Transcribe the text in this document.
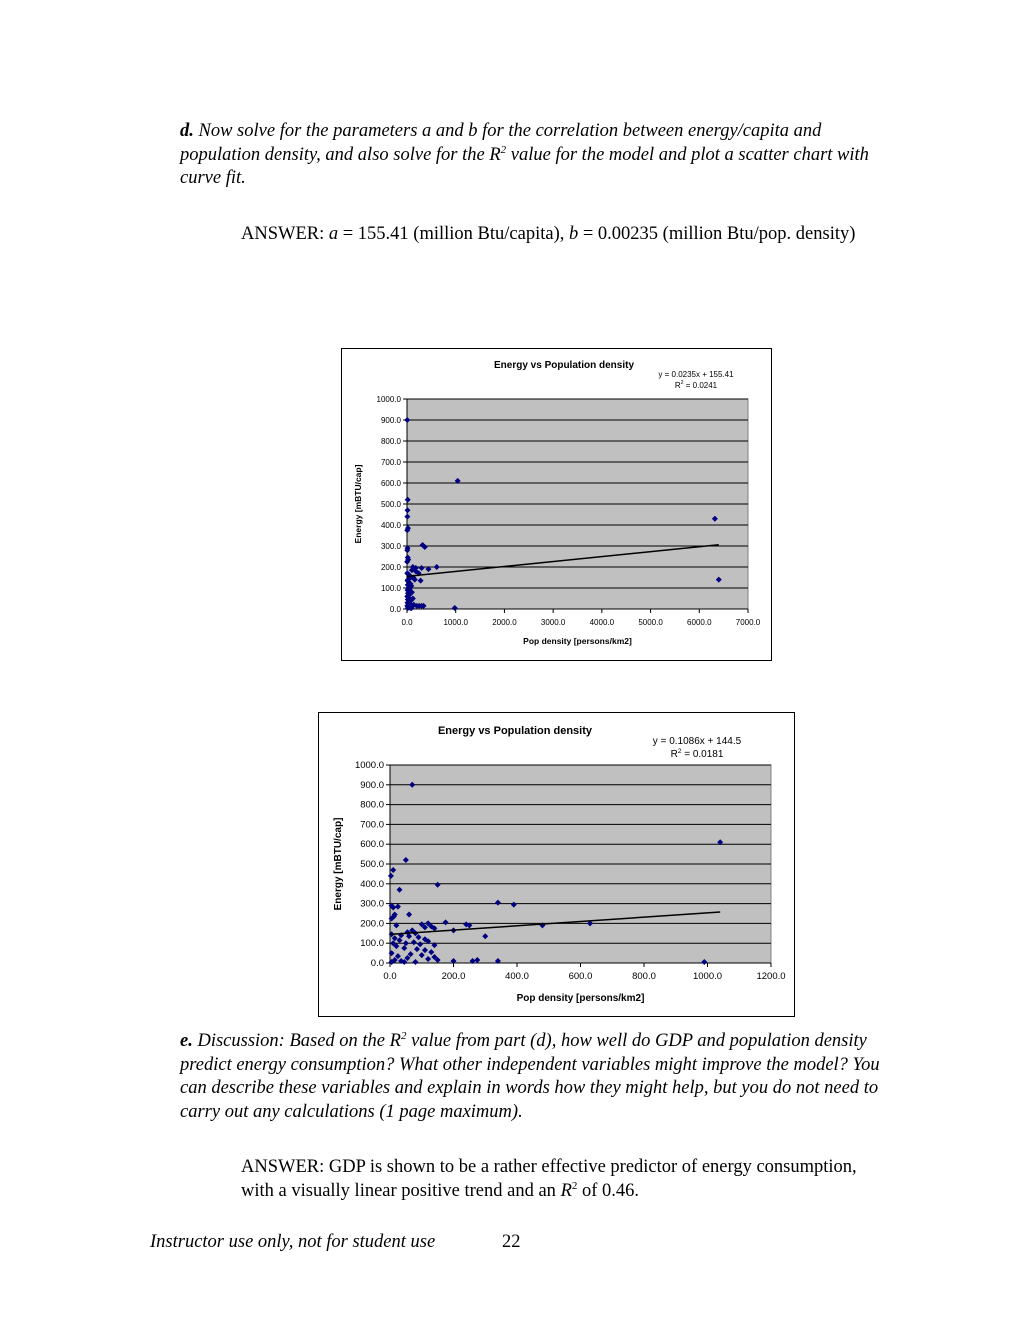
d. Now solve for the parameters a and b for the correlation between energy/capita and population density, and also solve for the $R^2$ value for the model and plot a scatter chart with curve fit.
ANSWER: a = 155.41 (million Btu/capita), b = 0.00235 (million Btu/pop. density)
0.0
100.0
200.0
300.0
400.0
500.0
600.0
700.0
800.0
900.0
1000.0
0.0	1000.0	2000.0	3000.0	4000.0	5000.0	6000.0	7000.0
Energy vs Population density
y = 0.0235x + 155.41
$R^2 = 0.0241$
Pop density [persons/km2]
Energy [mBTU/cap]
0.0
100.0
200.0
300.0
400.0
500.0
600.0
700.0
800.0
900.0
1000.0
0.0	200.0	400.0	600.0	800.0	1000.0	1200.0
Energy vs Population density
y = 0.1086x + 144.5
$R^2 = 0.0181$
Pop density [persons/km2]
Energy [mBTU/cap]
e. Discussion: Based on the $R^2$ value from part (d), how well do GDP and population density predict energy consumption? What other independent variables might improve the model? You can describe these variables and explain in words how they might help, but you do not need to carry out any calculations (1 page maximum).
ANSWER: GDP is shown to be a rather effective predictor of energy consumption, with a visually linear positive trend and an $R^2$ of 0.46.
Instructor use only, not for student use	22
